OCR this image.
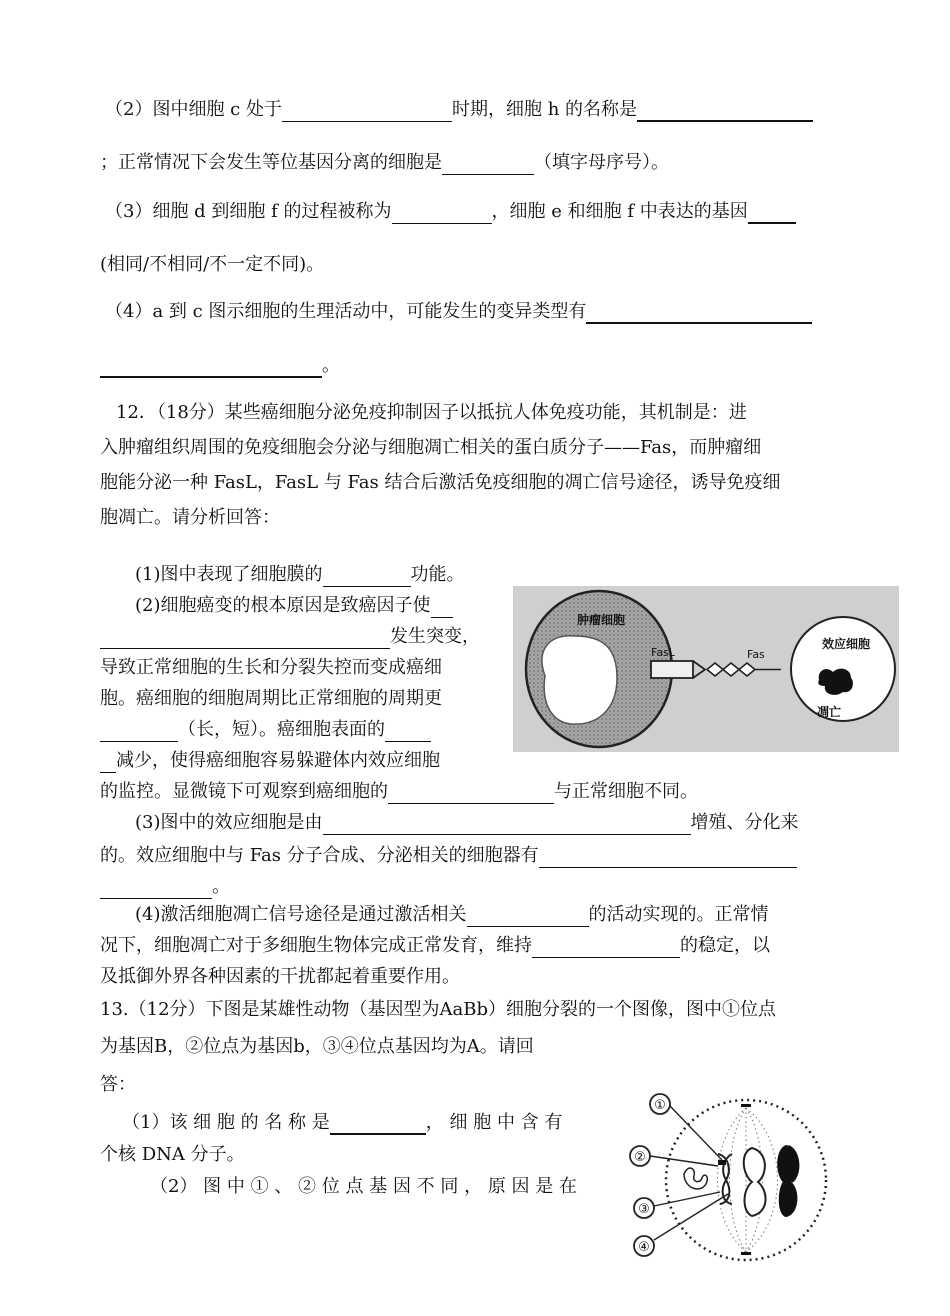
（2）图中细胞 c 处于	时期，细胞 h 的名称是
；正常情况下会发生等位基因分离的细胞是	（填字母序号）。
（3）细胞 d 到细胞 f 的过程被称为	，细胞 e 和细胞 f 中表达的基因
(相同/不相同/不一定不同)。
（4）a 到 c 图示细胞的生理活动中，可能发生的变异类型有
。
12．（18分）某些癌细胞分泌免疫抑制因子以抵抗人体免疫功能，其机制是：进
入肿瘤组织周围的免疫细胞会分泌与细胞凋亡相关的蛋白质分子——Fas，而肿瘤细
胞能分泌一种 FasL，FasL 与 Fas 结合后激活免疫细胞的凋亡信号途径，诱导免疫细
胞凋亡。请分析回答：
(1)图中表现了细胞膜的	功能。
(2)细胞癌变的根本原因是致癌因子使
发生突变，
导致正常细胞的生长和分裂失控而变成癌细
胞。癌细胞的细胞周期比正常细胞的周期更
（长，短）。癌细胞表面的
减少，使得癌细胞容易躲避体内效应细胞
的监控。显微镜下可观察到癌细胞的	与正常细胞不同。
(3)图中的效应细胞是由	增殖、分化来
的。效应细胞中与 Fas 分子合成、分泌相关的细胞器有
。
(4)激活细胞凋亡信号途径是通过激活相关	的活动实现的。正常情
况下，细胞凋亡对于多细胞生物体完成正常发育，维持	的稳定，以
及抵御外界各种因素的干扰都起着重要作用。
肿瘤细胞
FasL	Fas
效应细胞
凋亡
13.（12分）下图是某雄性动物（基因型为AaBb）细胞分裂的一个图像，图中①位点
为基因B，②位点为基因b，③④位点基因均为A。请回
答：
（1）该 细 胞 的 名 称 是	， 细 胞 中 含 有
个核 DNA 分子。
（2） 图 中 ① 、 ② 位 点 基 因 不 同 ， 原 因 是 在
①
②
③
④
